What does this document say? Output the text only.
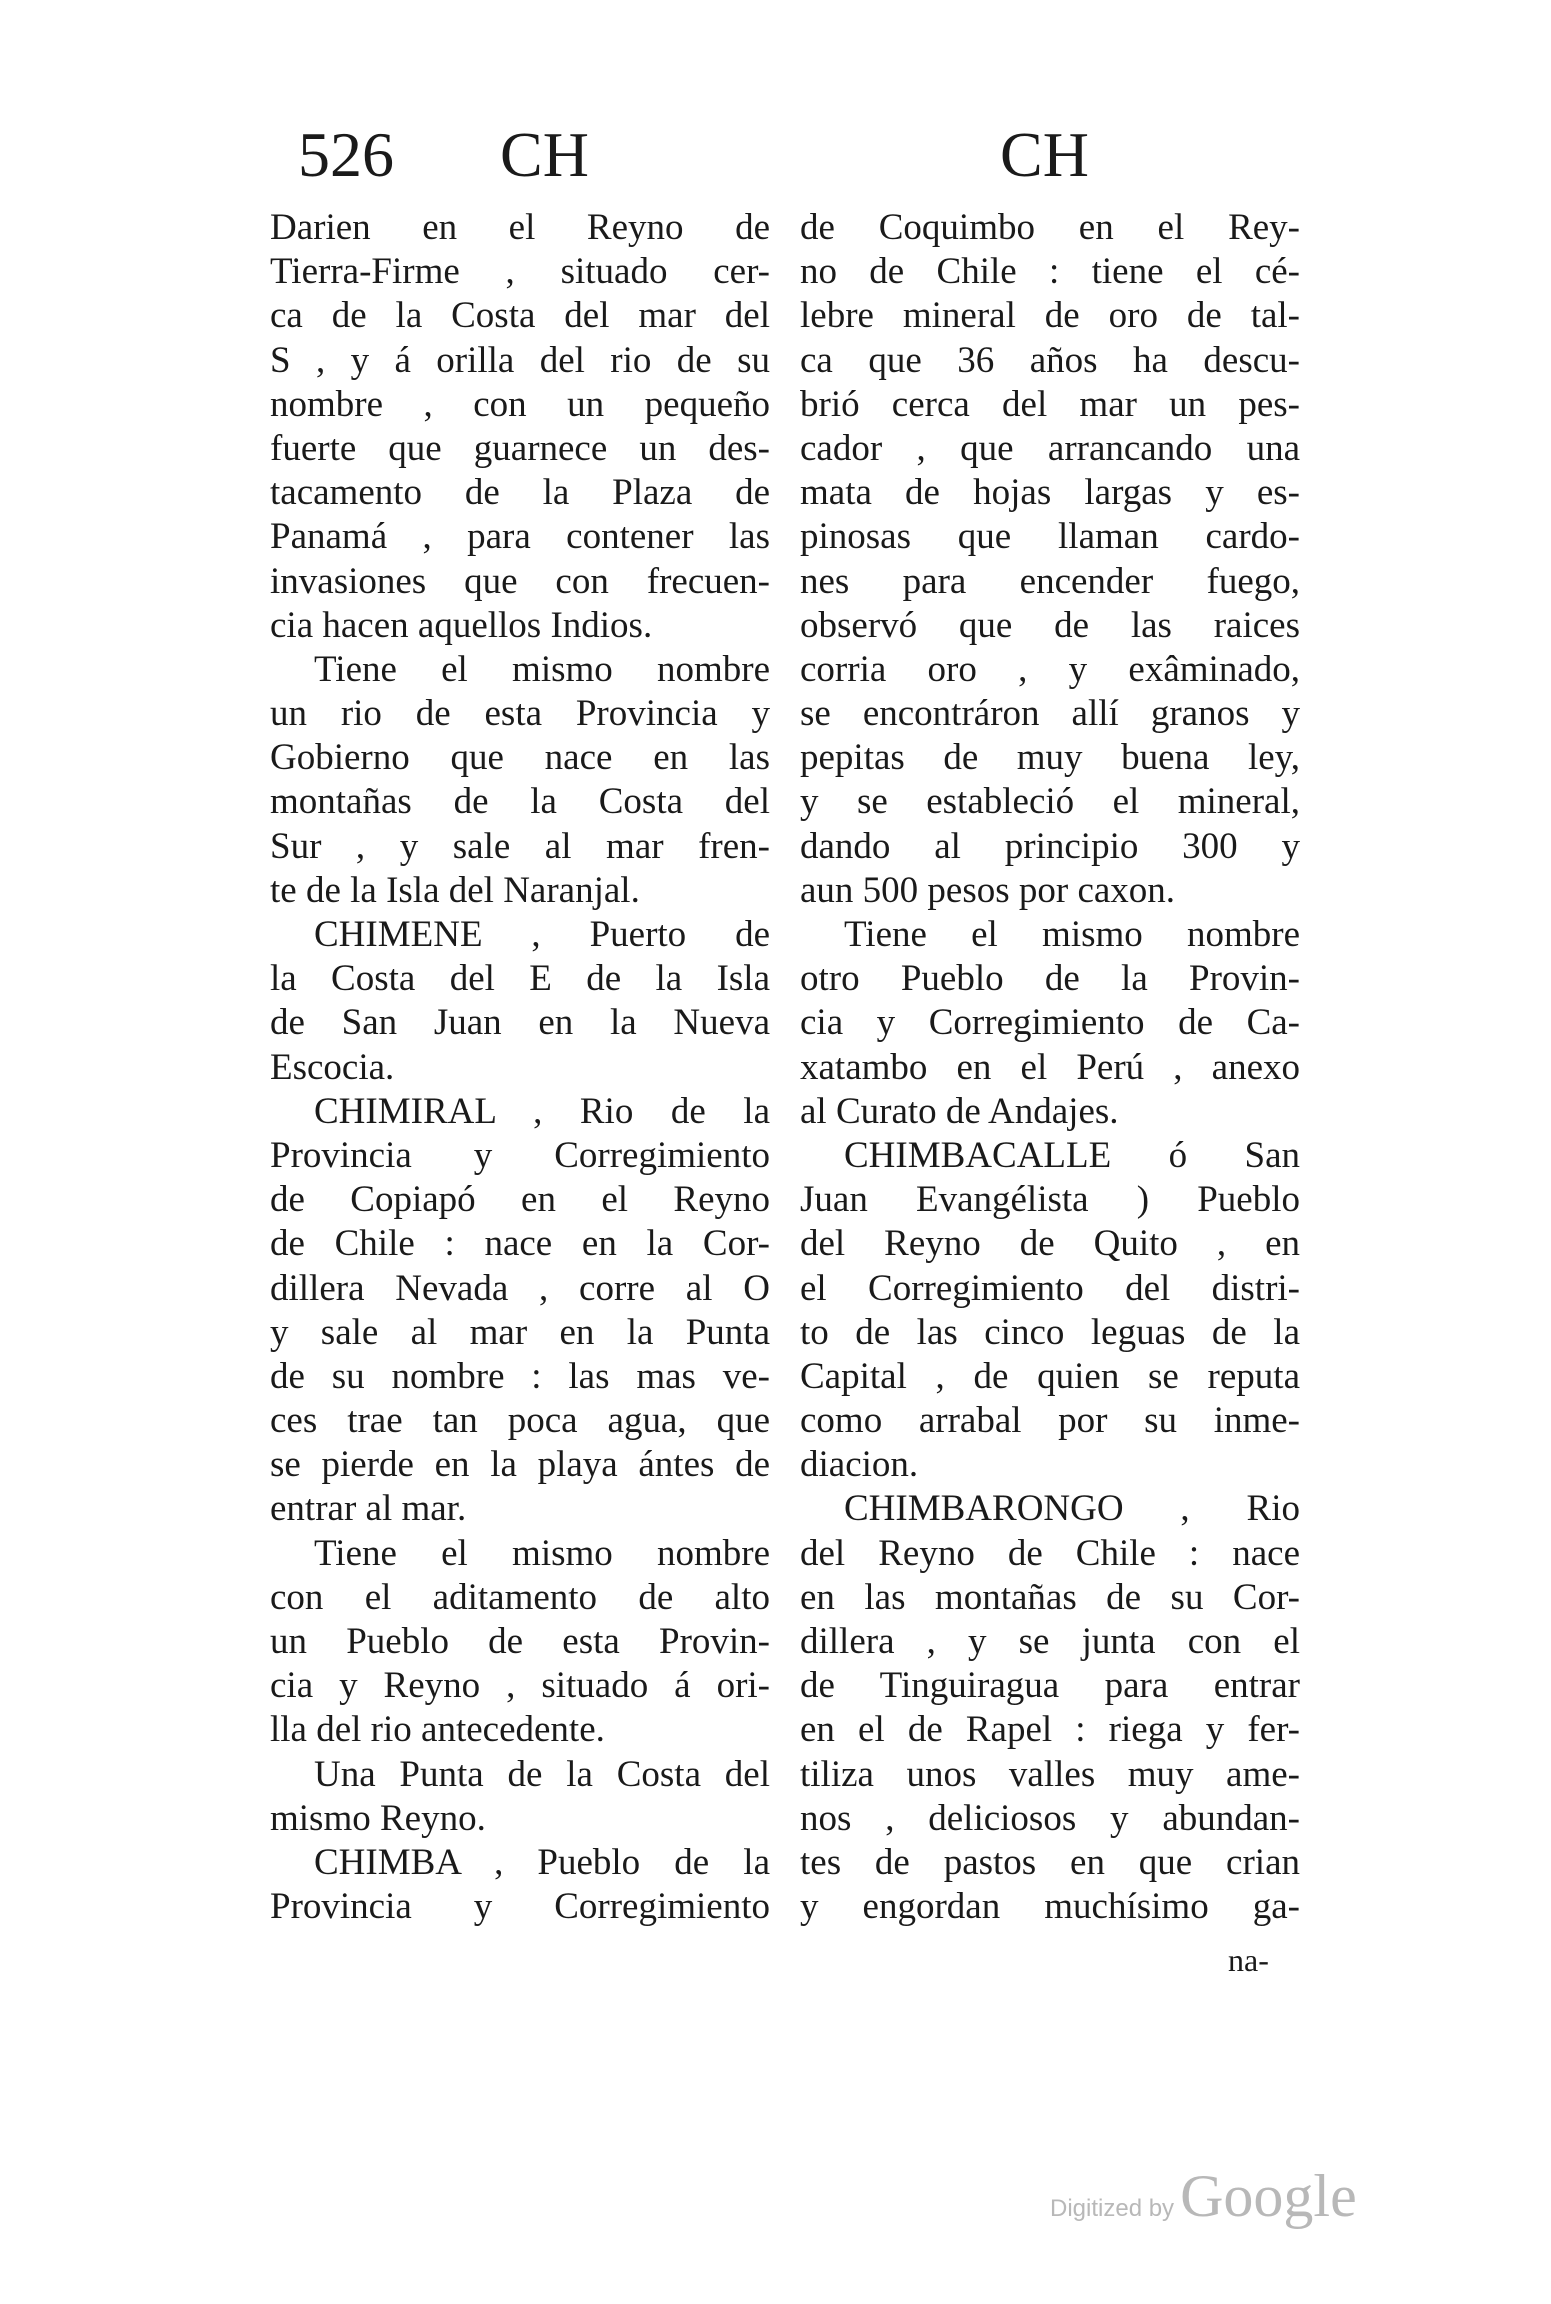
526 CH	CH
Darien en el Reyno de
Tierra-Firme , situado cer-
ca de la Costa del mar del
S , y á orilla del rio de su
nombre , con un pequeño
fuerte que guarnece un des-
tacamento de la Plaza de
Panamá , para contener las
invasiones que con frecuen-
cia hacen aquellos Indios.
Tiene el mismo nombre
un rio de esta Provincia y
Gobierno que nace en las
montañas de la Costa del
Sur , y sale al mar fren-
te de la Isla del Naranjal.
CHIMENE , Puerto de
la Costa del E de la Isla
de San Juan en la Nueva
Escocia.
CHIMIRAL , Rio de la
Provincia y Corregimiento
de Copiapó en el Reyno
de Chile : nace en la Cor-
dillera Nevada , corre al O
y sale al mar en la Punta
de su nombre : las mas ve-
ces trae tan poca agua, que
se pierde en la playa ántes de
entrar al mar.
Tiene el mismo nombre
con el aditamento de alto
un Pueblo de esta Provin-
cia y Reyno , situado á ori-
lla del rio antecedente.
Una Punta de la Costa del
mismo Reyno.
CHIMBA , Pueblo de la
Provincia y Corregimiento
de Coquimbo en el Rey-
no de Chile : tiene el cé-
lebre mineral de oro de tal-
ca que 36 años ha descu-
brió cerca del mar un pes-
cador , que arrancando una
mata de hojas largas y es-
pinosas que llaman cardo-
nes para encender fuego,
observó que de las raices
corria oro , y exâminado,
se encontráron allí granos y
pepitas de muy buena ley,
y se estableció el mineral,
dando al principio 300 y
aun 500 pesos por caxon.
Tiene el mismo nombre
otro Pueblo de la Provin-
cia y Corregimiento de Ca-
xatambo en el Perú , anexo
al Curato de Andajes.
CHIMBACALLE ó San
Juan Evangélista ) Pueblo
del Reyno de Quito , en
el Corregimiento del distri-
to de las cinco leguas de la
Capital , de quien se reputa
como arrabal por su inme-
diacion.
CHIMBARONGO , Rio
del Reyno de Chile : nace
en las montañas de su Cor-
dillera , y se junta con el
de Tinguiragua para entrar
en el de Rapel : riega y fer-
tiliza unos valles muy ame-
nos , deliciosos y abundan-
tes de pastos en que crian
y engordan muchísimo ga-
na-
Digitized by Google
